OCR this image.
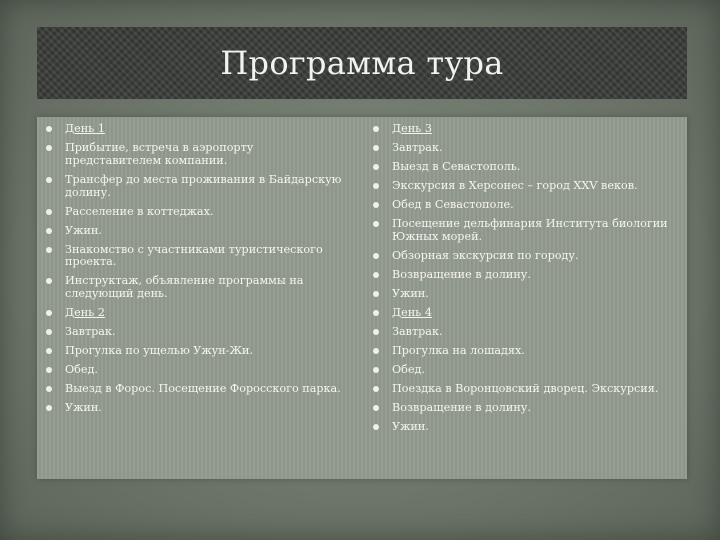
Программа тура
День 1
Прибытие, встреча в аэропорту представителем компании.
Трансфер до места проживания в Байдарскую долину.
Расселение в коттеджах.
Ужин.
Знакомство с участниками туристического проекта.
Инструктаж, объявление программы на следующий день.
День 2
Завтрак.
Прогулка по ущелью Ужун-Жи.
Обед.
Выезд в Форос. Посещение Форосского парка.
Ужин.
День 3
Завтрак.
Выезд в Севастополь.
Экскурсия в Херсонес – город XXV веков.
Обед в Севастополе.
Посещение дельфинария Института биологии Южных морей.
Обзорная экскурсия по городу.
Возвращение в долину.
Ужин.
День 4
Завтрак.
Прогулка на лошадях.
Обед.
Поездка в Воронцовский дворец. Экскурсия.
Возвращение в долину.
Ужин.
